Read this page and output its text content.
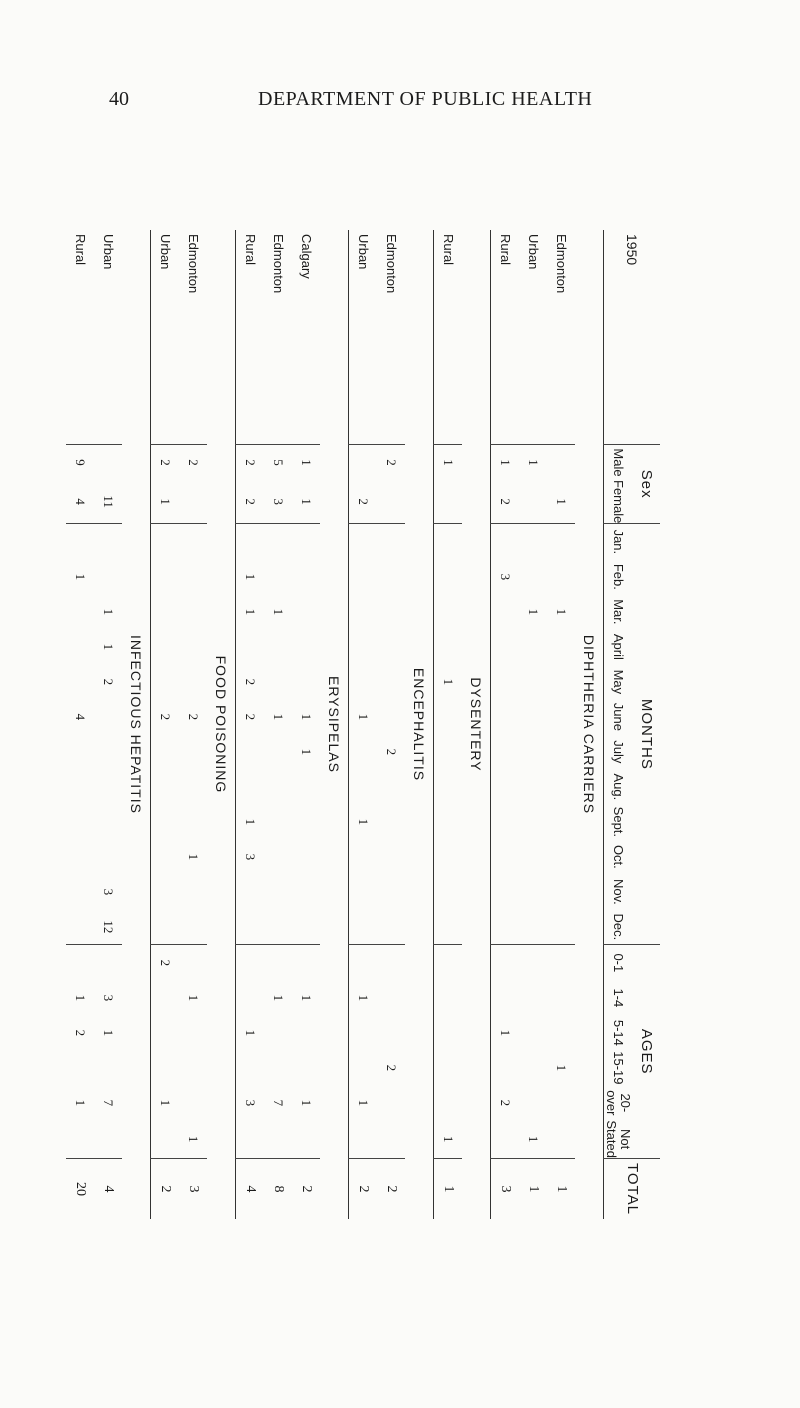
40	DEPARTMENT OF PUBLIC HEALTH
1950	Sex		MONTHS												AGES						TOTAL
	Male	Female	Jan.	Feb.	Mar.	April	May	June	July	Aug.	Sept.	Oct.	Nov.	Dec.	0-1	1-4	5-14	15-19	20-over	Not Stated	
DIPHTHERIA CARRIERS																					
Edmonton		1			1													1			1
Urban	1				1															1	1
Rural	1	2		3													1		2		3
DYSENTERY																					
Rural	1						1													1	1
ENCEPHALITIS																					
Edmonton	2								2									2			2
Urban		2						1			1					1			1		2
ERYSIPELAS																					
Calgary	1	1						1	1							1			1		2
Edmonton	5	3			1			1								1			7		8
Rural	2	2		1	1		2	2			1	3					1		3		4
FOOD POISONING																					
Edmonton	2							2				1				1				1	3
Urban	2	1						2							2				1		2
INFECTIOUS HEPATITIS																					
Urban		11			1	1	2						3	12		3	1		7		4
Rural	9	4		1				4								1	2		1		20
